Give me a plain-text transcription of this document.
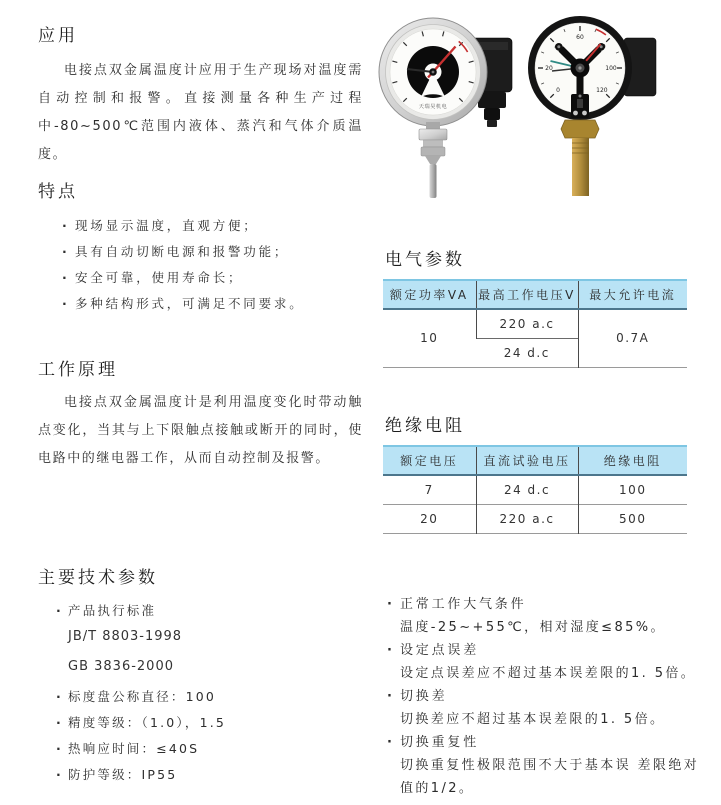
应用

电接点双金属温度计应用于生产现场对温度需自动控制和报警。直接测量各种生产过程中-80~500℃范围内液体、蒸汽和气体介质温度。

特点
· 现场显示温度，直观方便；
· 具有自动切断电源和报警功能；
· 安全可靠，使用寿命长；
· 多种结构形式，可满足不同要求。
工作原理

电接点双金属温度计是利用温度变化时带动触点变化，当其与上下限触点接触或断开的同时，使电路中的继电器工作，从而自动控制及报警。

主要技术参数
· 产品执行标准
JB/T 8803-1998
GB 3836-2000
· 标度盘公称直径：100
· 精度等级：（1.0），1.5
· 热响应时间：≤40S
· 防护等级：IP55
天瑞昊机电
0
20
60
100
120
电气参数
额定功率VA	最高工作电压V	最大允许电流
10	220 a.c	0.7A
	24 d.c	
绝缘电阻
额定电压	直流试验电压	绝缘电阻
7	24 d.c	100
20	220 a.c	500
· 正常工作大气条件
温度-25~+55℃，相对湿度≤85%。
· 设定点误差
设定点误差应不超过基本误差限的1. 5倍。
· 切换差
切换差应不超过基本误差限的1. 5倍。
· 切换重复性
切换重复性极限范围不大于基本误 差限绝对值的1/2。
